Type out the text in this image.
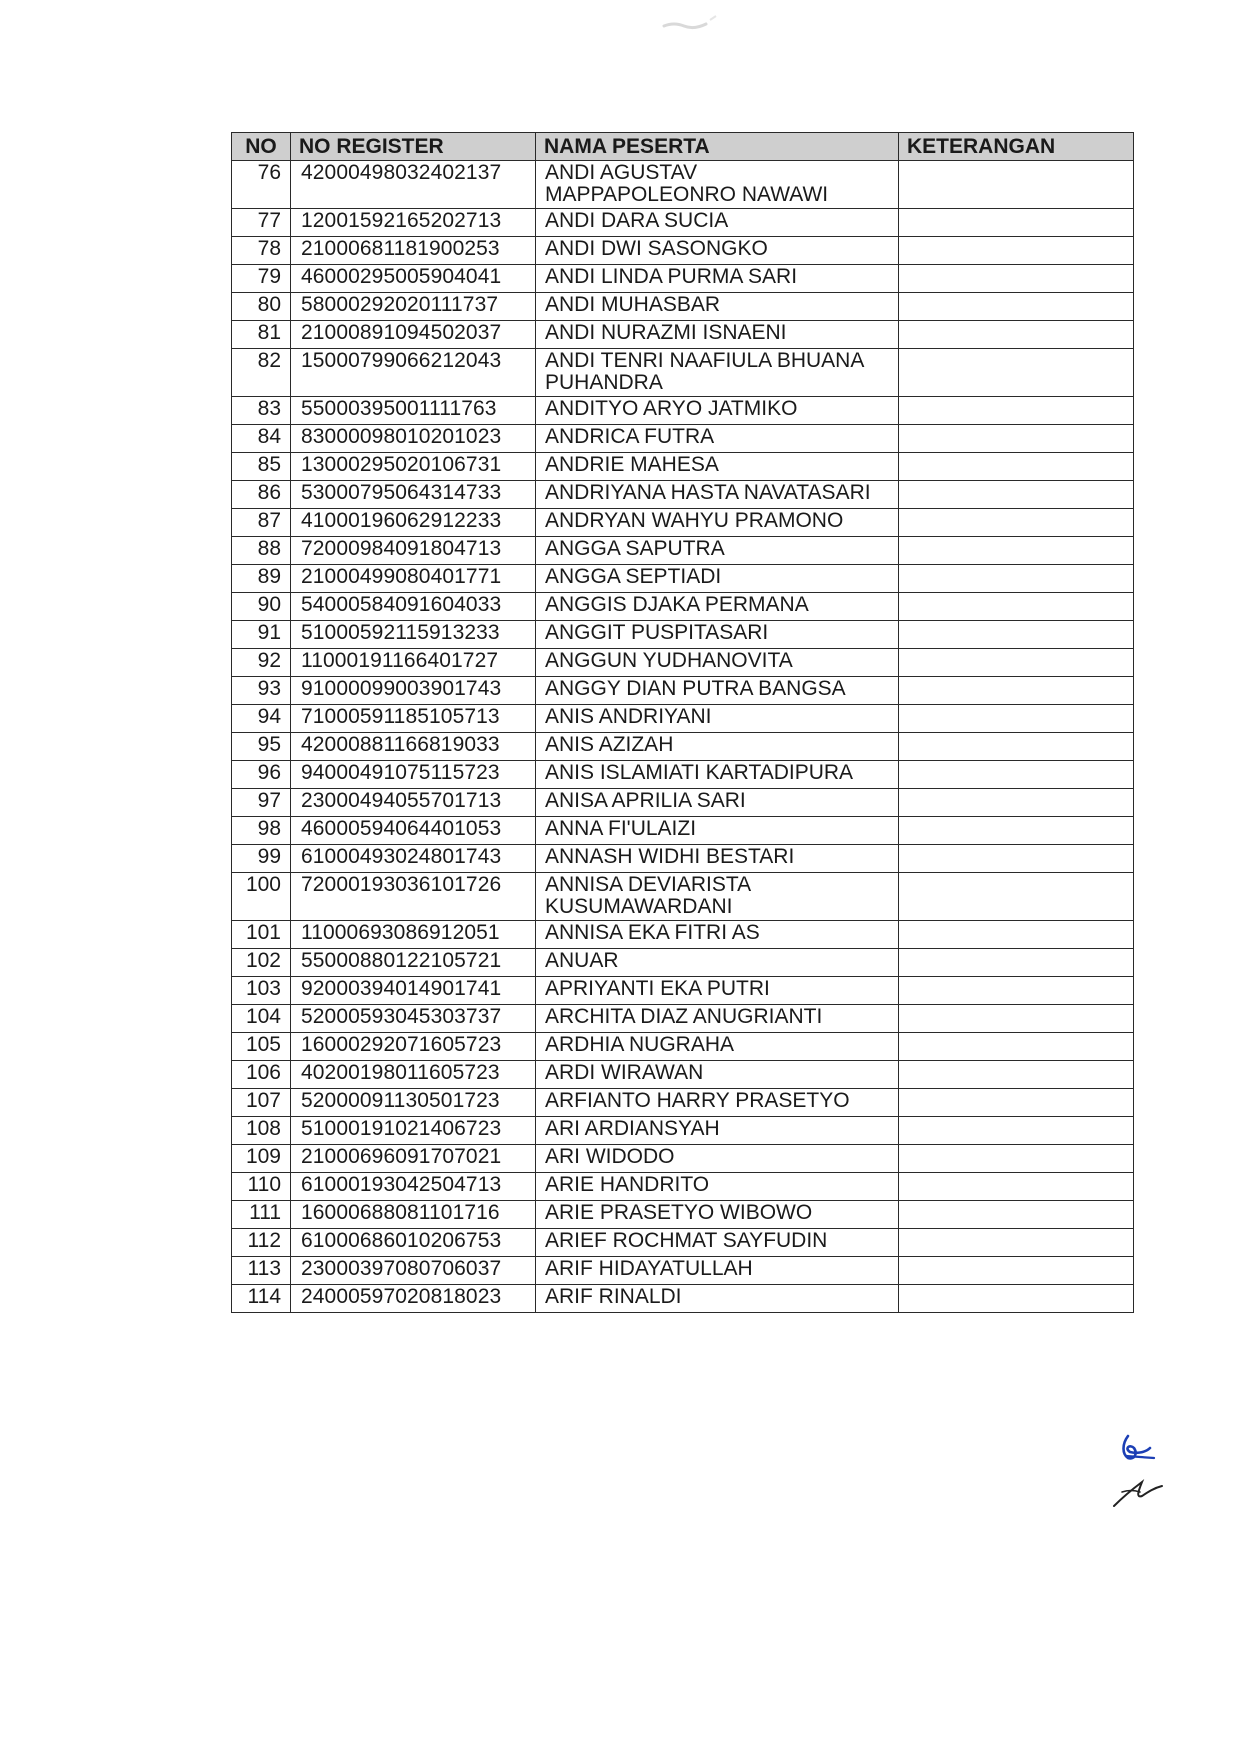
NO	NO REGISTER	NAMA PESERTA	KETERANGAN
76	42000498032402137	ANDI AGUSTAV MAPPAPOLEONRO NAWAWI	
77	12001592165202713	ANDI DARA SUCIA	
78	21000681181900253	ANDI DWI SASONGKO	
79	46000295005904041	ANDI LINDA PURMA SARI	
80	58000292020111737	ANDI MUHASBAR	
81	21000891094502037	ANDI NURAZMI ISNAENI	
82	15000799066212043	ANDI TENRI NAAFIULA BHUANA PUHANDRA	
83	55000395001111763	ANDITYO ARYO JATMIKO	
84	83000098010201023	ANDRICA FUTRA	
85	13000295020106731	ANDRIE MAHESA	
86	53000795064314733	ANDRIYANA HASTA NAVATASARI	
87	41000196062912233	ANDRYAN WAHYU PRAMONO	
88	72000984091804713	ANGGA SAPUTRA	
89	21000499080401771	ANGGA SEPTIADI	
90	54000584091604033	ANGGIS DJAKA PERMANA	
91	51000592115913233	ANGGIT PUSPITASARI	
92	11000191166401727	ANGGUN YUDHANOVITA	
93	91000099003901743	ANGGY DIAN PUTRA BANGSA	
94	71000591185105713	ANIS ANDRIYANI	
95	42000881166819033	ANIS AZIZAH	
96	94000491075115723	ANIS ISLAMIATI KARTADIPURA	
97	23000494055701713	ANISA APRILIA SARI	
98	46000594064401053	ANNA FI'ULAIZI	
99	61000493024801743	ANNASH WIDHI BESTARI	
100	72000193036101726	ANNISA DEVIARISTA KUSUMAWARDANI	
101	11000693086912051	ANNISA EKA FITRI AS	
102	55000880122105721	ANUAR	
103	92000394014901741	APRIYANTI EKA PUTRI	
104	52000593045303737	ARCHITA DIAZ ANUGRIANTI	
105	16000292071605723	ARDHIA NUGRAHA	
106	40200198011605723	ARDI WIRAWAN	
107	52000091130501723	ARFIANTO HARRY PRASETYO	
108	51000191021406723	ARI ARDIANSYAH	
109	21000696091707021	ARI WIDODO	
110	61000193042504713	ARIE HANDRITO	
111	16000688081101716	ARIE PRASETYO WIBOWO	
112	61000686010206753	ARIEF ROCHMAT SAYFUDIN	
113	23000397080706037	ARIF HIDAYATULLAH	
114	24000597020818023	ARIF RINALDI	
